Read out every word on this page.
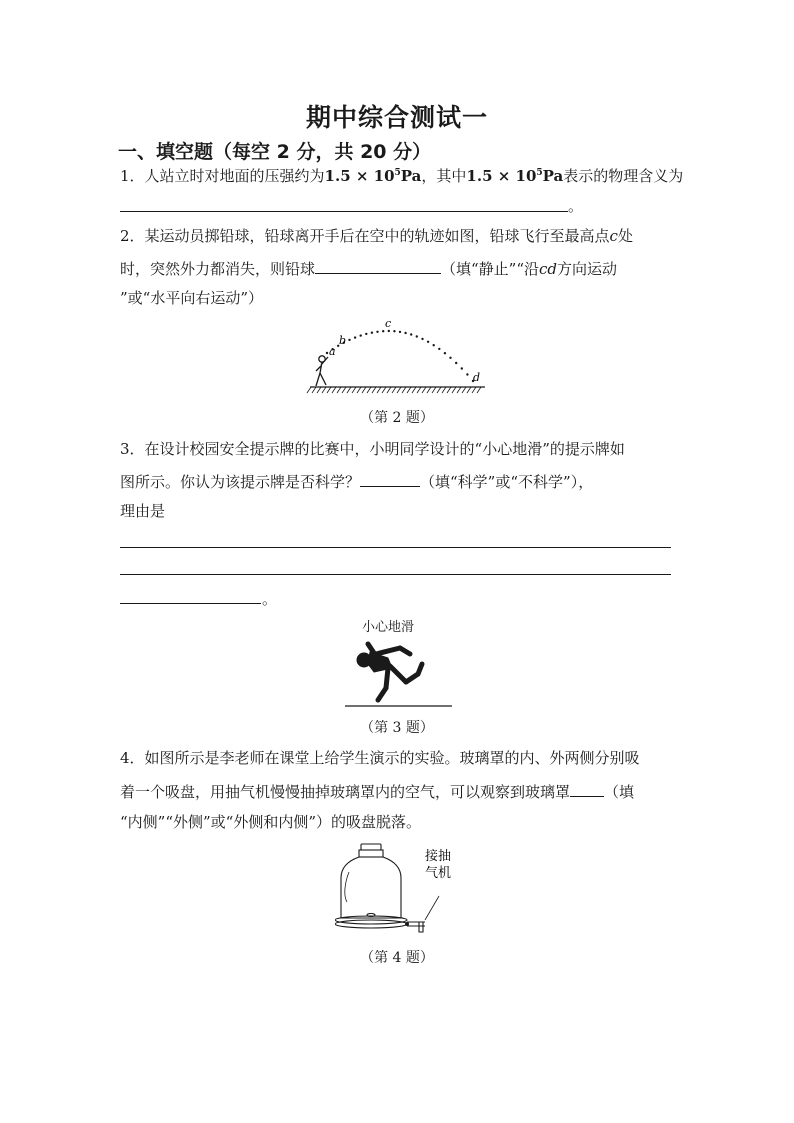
期中综合测试一
一、填空题（每空 2 分，共 20 分）
1．人站立时对地面的压强约为$1.5 \times 10^5Pa$，其中$1.5 \times 10^5Pa$表示的物理含义为
。
2．某运动员掷铅球，铅球离开手后在空中的轨迹如图，铅球飞行至最高点c处
时，突然外力都消失，则铅球	（填“静止”“沿cd方向运动
”或“水平向右运动”）
a
b
c
d
（第 2 题）
3．在设计校园安全提示牌的比赛中，小明同学设计的“小心地滑”的提示牌如
图所示。你认为该提示牌是否科学？	（填“科学”或“不科学”），
理由是
。
小心地滑
（第 3 题）
4．如图所示是李老师在课堂上给学生演示的实验。玻璃罩的内、外两侧分别吸
着一个吸盘，用抽气机慢慢抽掉玻璃罩内的空气，可以观察到玻璃罩 （填
“内侧”“外侧”或“外侧和内侧”）的吸盘脱落。
接抽
气机
（第 4 题）
